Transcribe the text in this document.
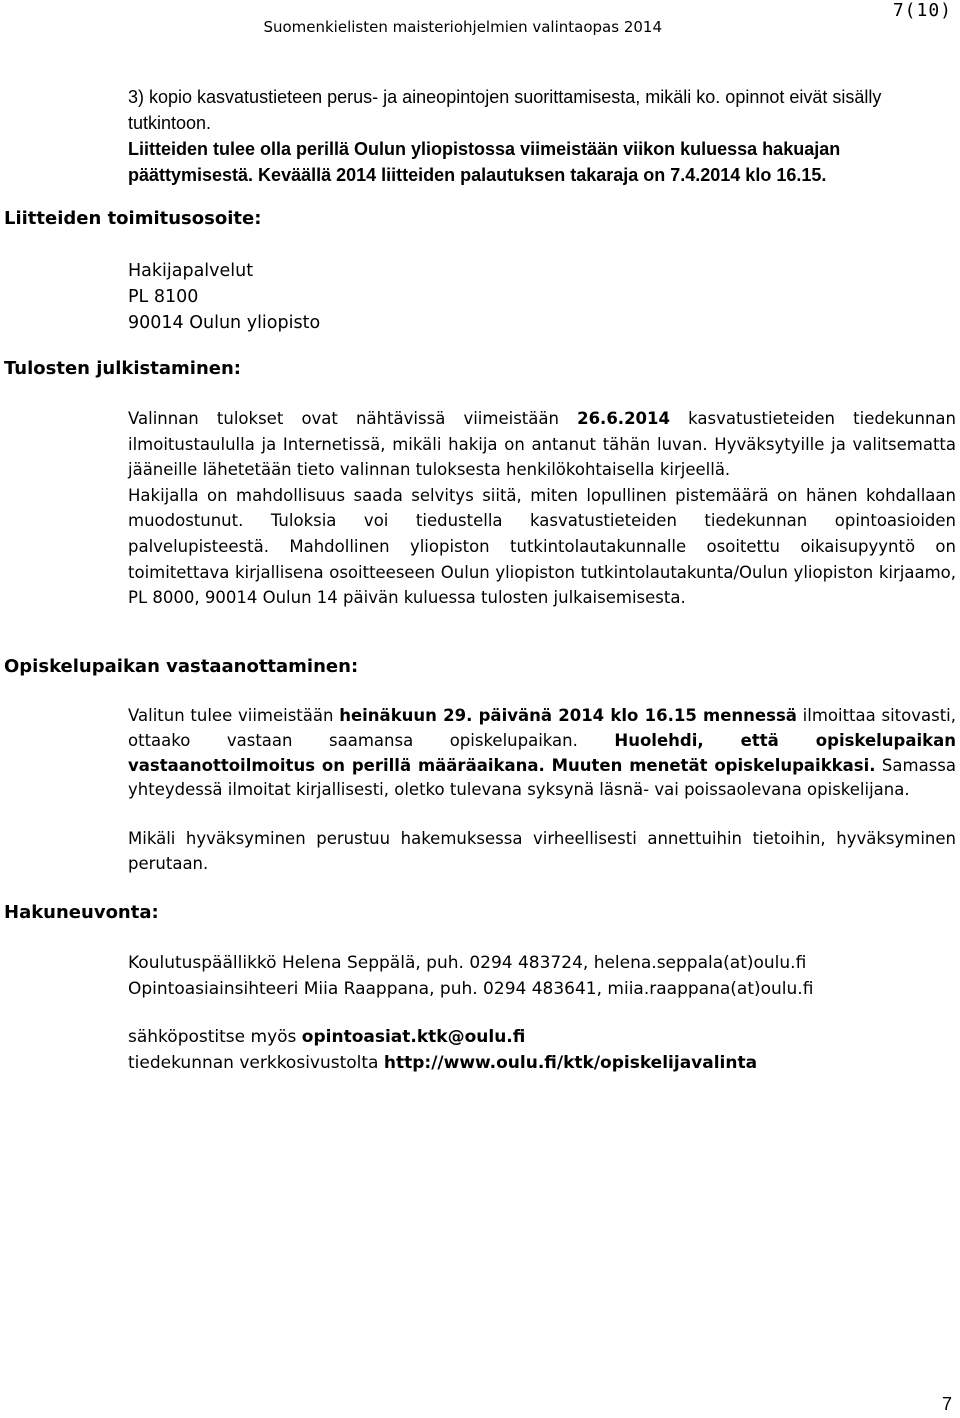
Suomenkielisten maisteriohjelmien valintaopas 2014
7(10)
3) kopio kasvatustieteen perus- ja aineopintojen suorittamisesta, mikäli ko. opinnot eivät sisälly
tutkintoon.
Liitteiden tulee olla perillä Oulun yliopistossa viimeistään viikon kuluessa hakuajan
päättymisestä. Keväällä 2014 liitteiden palautuksen takaraja on 7.4.2014 klo 16.15.
Liitteiden toimitusosoite:
Hakijapalvelut
PL 8100
90014 Oulun yliopisto
Tulosten julkistaminen:

Valinnan tulokset ovat nähtävissä viimeistään 26.6.2014 kasvatustieteiden tiedekunnan ilmoitustaululla ja Internetissä, mikäli hakija on antanut tähän luvan. Hyväksytyille ja valitsematta jääneille lähetetään tieto valinnan tuloksesta henkilökohtaisella kirjeellä.

Hakijalla on mahdollisuus saada selvitys siitä, miten lopullinen pistemäärä on hänen kohdallaan muodostunut. Tuloksia voi tiedustella kasvatustieteiden tiedekunnan opintoasioiden palvelupisteestä. Mahdollinen yliopiston tutkintolautakunnalle osoitettu oikaisupyyntö on toimitettava kirjallisena osoitteeseen Oulun yliopiston tutkintolautakunta/Oulun yliopiston kirjaamo, PL 8000, 90014 Oulun 14 päivän kuluessa tulosten julkaisemisesta.

Opiskelupaikan vastaanottaminen:

Valitun tulee viimeistään heinäkuun 29. päivänä 2014 klo 16.15 mennessä ilmoittaa sitovasti, ottaako vastaan saamansa opiskelupaikan. Huolehdi, että opiskelupaikan vastaanottoilmoitus on perillä määräaikana. Muuten menetät opiskelupaikkasi. Samassa yhteydessä ilmoitat kirjallisesti, oletko tulevana syksynä läsnä- vai poissaolevana opiskelijana.

Mikäli hyväksyminen perustuu hakemuksessa virheellisesti annettuihin tietoihin, hyväksyminen perutaan.
Hakuneuvonta:
Koulutuspäällikkö Helena Seppälä, puh. 0294 483724, helena.seppala(at)oulu.fi
Opintoasiainsihteeri Miia Raappana, puh. 0294 483641, miia.raappana(at)oulu.fi
sähköpostitse myös opintoasiat.ktk@oulu.fi
tiedekunnan verkkosivustolta http://www.oulu.fi/ktk/opiskelijavalinta
7
